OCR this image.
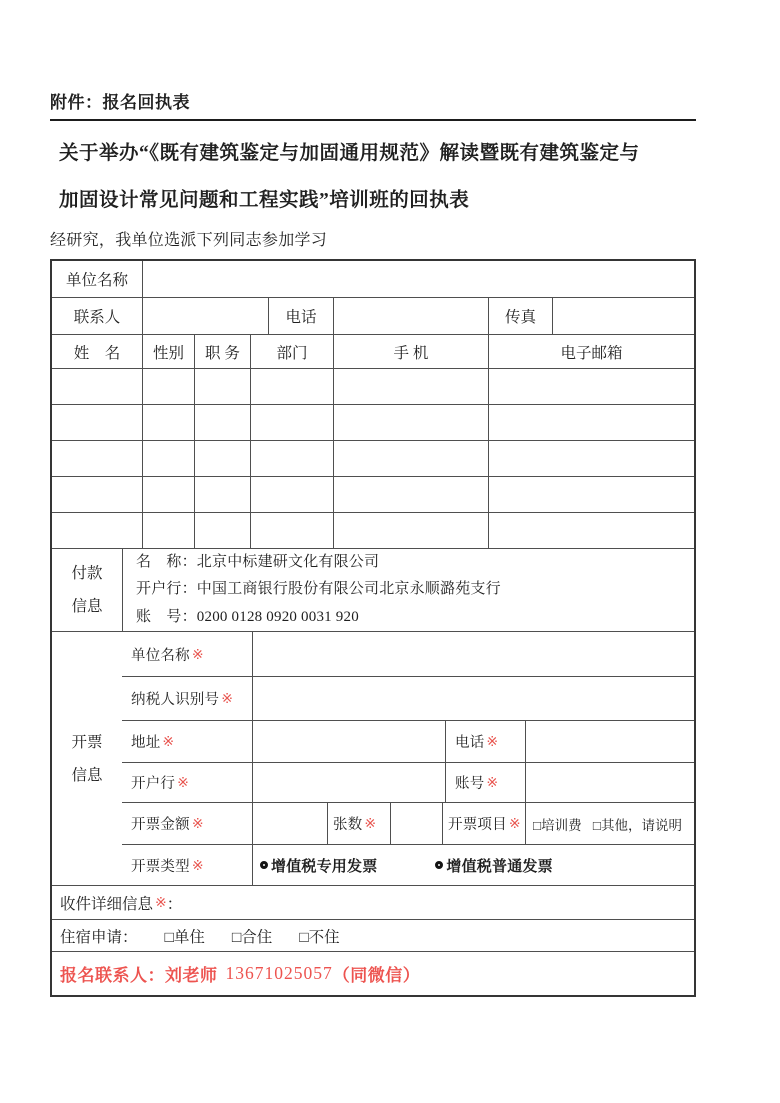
附件：报名回执表
关于举办“《既有建筑鉴定与加固通用规范》解读暨既有建筑鉴定与
加固设计常见问题和工程实践”培训班的回执表
经研究，我单位选派下列同志参加学习
单位名称
联系人	电话	传真
姓　名	性别	职 务	部门	手 机	电子邮箱
付款
信息
名　称：北京中标建研文化有限公司
开户行：中国工商银行股份有限公司北京永顺潞苑支行
账　号：0200 0128 0920 0031 920
开票
信息
单位名称 ※
纳税人识别号 ※
地址 ※	电话 ※
开户行 ※	账号 ※
开票金额 ※	张数 ※	开票项目 ※ □培训费   □其他，请说明
开票类型 ※	增值税专用发票	增值税普通发票
收件详细信息 ※ ：
住宿申请： □单住 □合住 □不住
报名联系人：刘老师 13671025057 （同微信）
